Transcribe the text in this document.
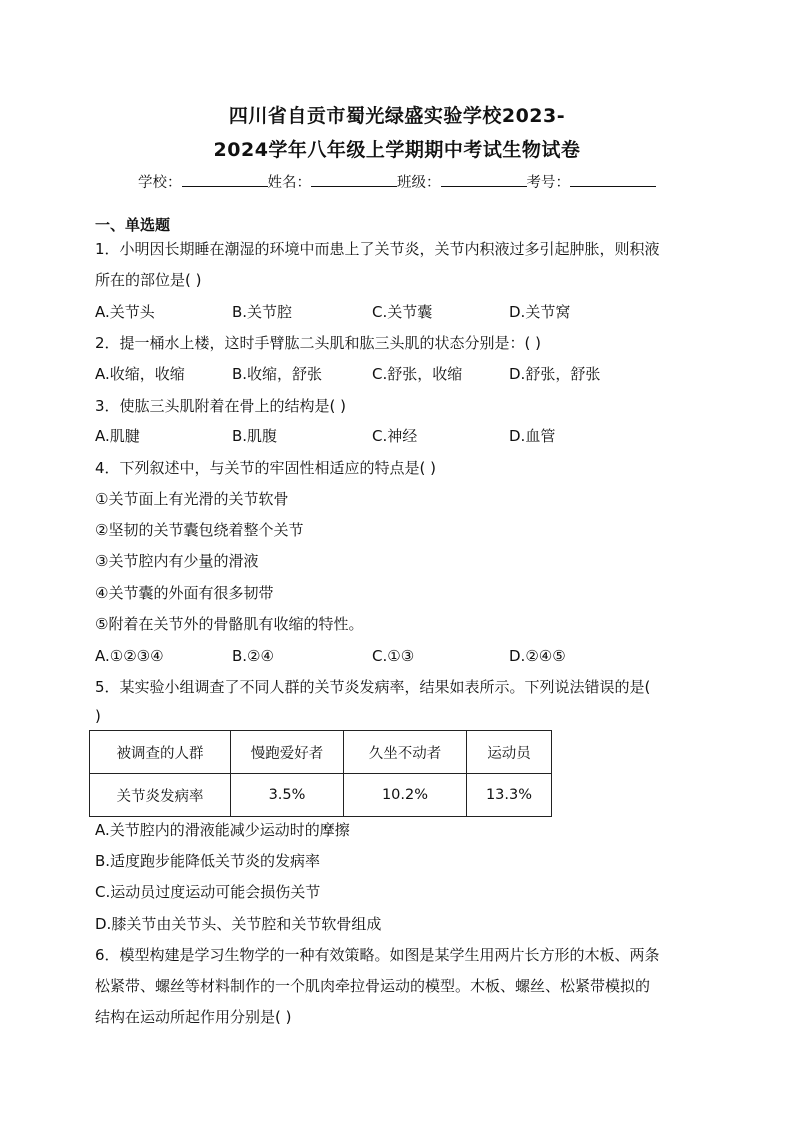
四川省自贡市蜀光绿盛实验学校2023-
2024学年八年级上学期期中考试生物试卷
学校：	姓名：	班级：	考号：
一、单选题
1．小明因长期睡在潮湿的环境中而患上了关节炎，关节内积液过多引起肿胀，则积液
所在的部位是( )
A.关节头	B.关节腔	C.关节囊	D.关节窝
2．提一桶水上楼，这时手臂肱二头肌和肱三头肌的状态分别是：( )
A.收缩，收缩	B.收缩，舒张	C.舒张，收缩	D.舒张，舒张
3．使肱三头肌附着在骨上的结构是( )
A.肌腱	B.肌腹	C.神经	D.血管
4．下列叙述中，与关节的牢固性相适应的特点是( )
①关节面上有光滑的关节软骨
②坚韧的关节囊包绕着整个关节
③关节腔内有少量的滑液
④关节囊的外面有很多韧带
⑤附着在关节外的骨骼肌有收缩的特性。
A.①②③④	B.②④	C.①③	D.②④⑤
5．某实验小组调查了不同人群的关节炎发病率，结果如表所示。下列说法错误的是(
)
被调查的人群	慢跑爱好者	久坐不动者	运动员
关节炎发病率	3.5%	10.2%	13.3%
A.关节腔内的滑液能减少运动时的摩擦
B.适度跑步能降低关节炎的发病率
C.运动员过度运动可能会损伤关节
D.膝关节由关节头、关节腔和关节软骨组成
6．模型构建是学习生物学的一种有效策略。如图是某学生用两片长方形的木板、两条
松紧带、螺丝等材料制作的一个肌肉牵拉骨运动的模型。木板、螺丝、松紧带模拟的
结构在运动所起作用分别是( )
